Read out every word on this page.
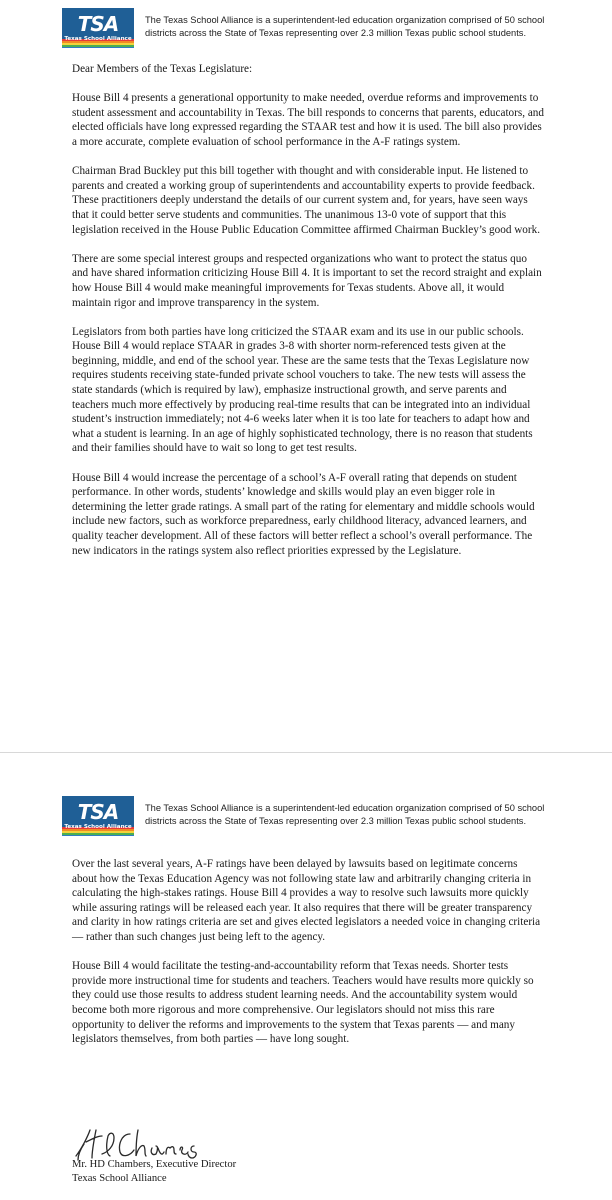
TSA
Texas School Alliance
The Texas School Alliance is a superintendent-led education organization comprised of 50 school districts across the State of Texas representing over 2.3 million Texas public school students.

Dear Members of the Texas Legislature:

House Bill 4 presents a generational opportunity to make needed, overdue reforms and improvements to student assessment and accountability in Texas. The bill responds to concerns that parents, educators, and elected officials have long expressed regarding the STAAR test and how it is used. The bill also provides a more accurate, complete evaluation of school performance in the A-F ratings system.

Chairman Brad Buckley put this bill together with thought and with considerable input. He listened to parents and created a working group of superintendents and accountability experts to provide feedback. These practitioners deeply understand the details of our current system and, for years, have seen ways that it could better serve students and communities. The unanimous 13-0 vote of support that this legislation received in the House Public Education Committee affirmed Chairman Buckley’s good work.

There are some special interest groups and respected organizations who want to protect the status quo and have shared information criticizing House Bill 4. It is important to set the record straight and explain how House Bill 4 would make meaningful improvements for Texas students. Above all, it would maintain rigor and improve transparency in the system.

Legislators from both parties have long criticized the STAAR exam and its use in our public schools. House Bill 4 would replace STAAR in grades 3-8 with shorter norm-referenced tests given at the beginning, middle, and end of the school year. These are the same tests that the Texas Legislature now requires students receiving state-funded private school vouchers to take. The new tests will assess the state standards (which is required by law), emphasize instructional growth, and serve parents and teachers much more effectively by producing real-time results that can be integrated into an individual student’s instruction immediately; not 4-6 weeks later when it is too late for teachers to adapt how and what a student is learning. In an age of highly sophisticated technology, there is no reason that students and their families should have to wait so long to get test results.

House Bill 4 would increase the percentage of a school’s A-F overall rating that depends on student performance. In other words, students’ knowledge and skills would play an even bigger role in determining the letter grade ratings. A small part of the rating for elementary and middle schools would include new factors, such as workforce preparedness, early childhood literacy, advanced learners, and quality teacher development. All of these factors will better reflect a school’s overall performance. The new indicators in the ratings system also reflect priorities expressed by the Legislature.

TSA
Texas School Alliance
The Texas School Alliance is a superintendent-led education organization comprised of 50 school districts across the State of Texas representing over 2.3 million Texas public school students.

Over the last several years, A-F ratings have been delayed by lawsuits based on legitimate concerns about how the Texas Education Agency was not following state law and arbitrarily changing criteria in calculating the high-stakes ratings. House Bill 4 provides a way to resolve such lawsuits more quickly while assuring ratings will be released each year. It also requires that there will be greater transparency and clarity in how ratings criteria are set and gives elected legislators a needed voice in changing criteria — rather than such changes just being left to the agency.

House Bill 4 would facilitate the testing-and-accountability reform that Texas needs. Shorter tests provide more instructional time for students and teachers. Teachers would have results more quickly so they could use those results to address student learning needs. And the accountability system would become both more rigorous and more comprehensive. Our legislators should not miss this rare opportunity to deliver the reforms and improvements to the system that Texas parents — and many legislators themselves, from both parties — have long sought.

Mr. HD Chambers, Executive Director
Texas School Alliance
